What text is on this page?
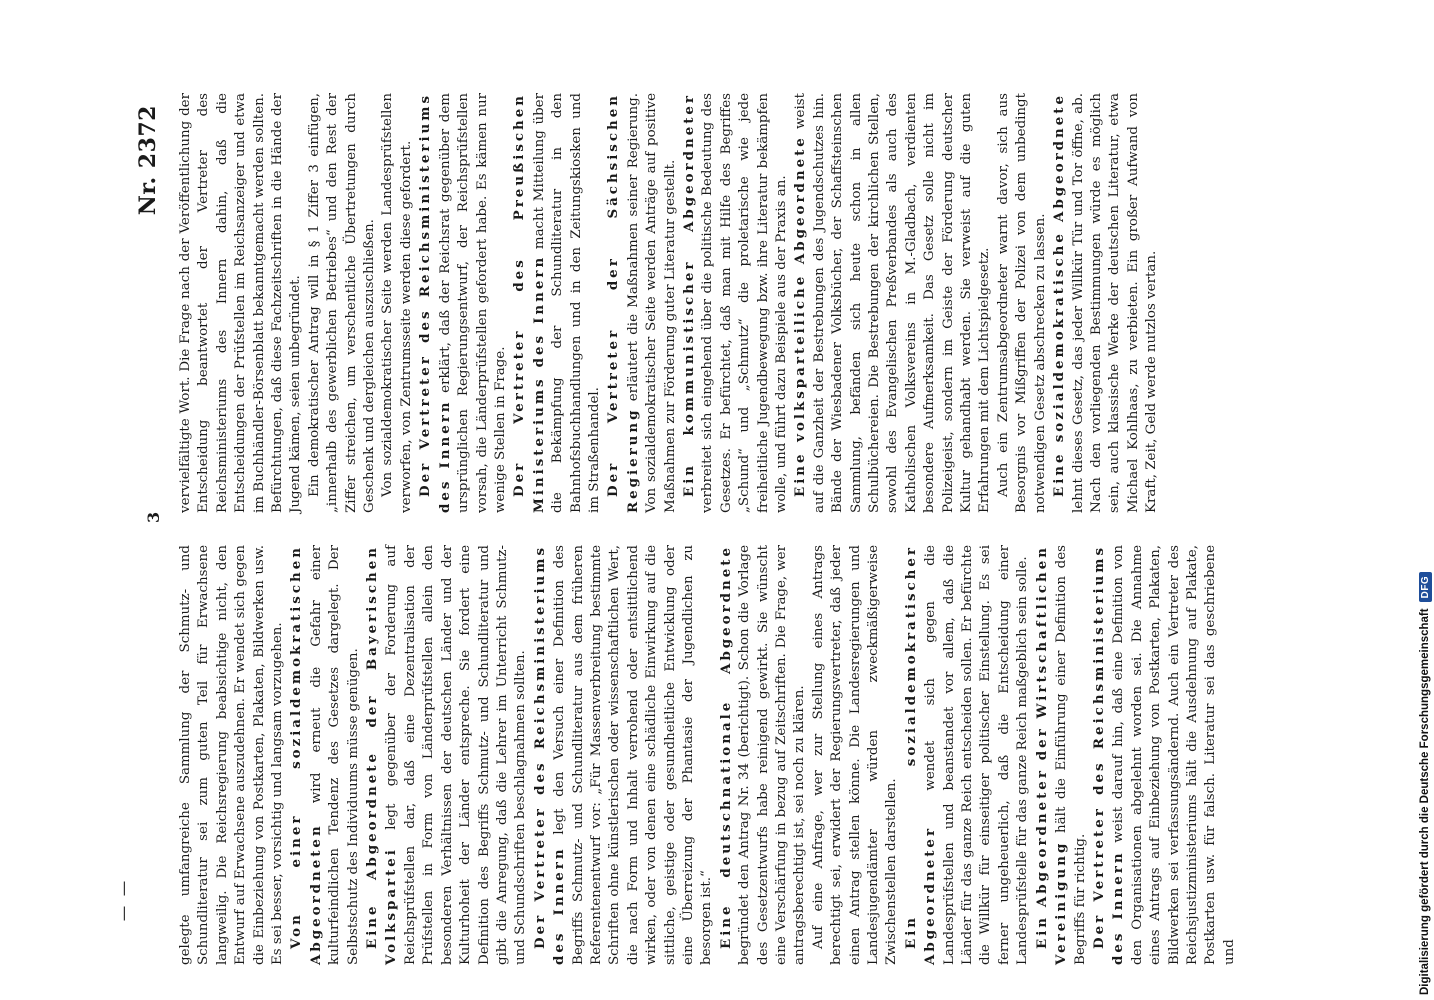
3
Nr. 2372

gelegte umfangreiche Sammlung der Schmutz- und Schundliteratur sei zum guten Teil für Erwachsene langweilig. Die Reichsregierung beabsichtige nicht, den Entwurf auf Erwachsene auszudehnen. Er wendet sich gegen die Einbeziehung von Postkarten, Plakaten, Bildwerken usw. Es sei besser, vorsichtig und langsam vorzugehen. Von einer sozialdemokratischen Abgeordneten wird erneut die Gefahr einer kulturfeindlichen Tendenz des Gesetzes dargelegt. Der Selbstschutz des Individuums müsse genügen. Eine Abgeordnete der Bayerischen Volkspartei legt gegenüber der Forderung auf Reichsprüfstellen dar, daß eine Dezentralisation der Prüfstellen in Form von Länderprüfstellen allein den besonderen Verhältnissen der deutschen Länder und der Kulturhoheit der Länder entspreche. Sie fordert eine Definition des Begriffs Schmutz- und Schundliteratur und gibt die Anregung, daß die Lehrer im Unterricht Schmutz- und Schundschriften beschlagnahmen sollten. Der Vertreter des Reichsministeriums des Innern legt den Versuch einer Definition des Begriffs Schmutz- und Schundliteratur aus dem früheren Referentenentwurf vor: „Für Massenverbreitung bestimmte Schriften ohne künstlerischen oder wissenschaftlichen Wert, die nach Form und Inhalt verrohend oder entsittlichend wirken, oder von denen eine schädliche Einwirkung auf die sittliche, geistige oder gesundheitliche Entwicklung oder eine Überreizung der Phantasie der Jugendlichen zu besorgen ist.“ Eine deutschnationale Abgeordnete begründet den Antrag Nr. 34 (berichtigt). Schon die Vorlage des Gesetzentwurfs habe reinigend gewirkt. Sie wünscht eine Verschärfung in bezug auf Zeitschriften. Die Frage, wer antragsberechtigt ist, sei noch zu klären. Auf eine Anfrage, wer zur Stellung eines Antrags berechtigt sei, erwidert der Regierungsvertreter, daß jeder einen Antrag stellen könne. Die Landesregierungen und Landesjugendämter würden zweckmäßigerweise Zwischenstellen darstellen. Ein sozialdemokratischer Abgeordneter wendet sich gegen die Landesprüfstellen und beanstandet vor allem, daß die Länder für das ganze Reich entscheiden sollen. Er befürchte die Willkür für einseitiger politischer Einstellung. Es sei ferner ungeheuerlich, daß die Entscheidung einer Landesprüfstelle für das ganze Reich maßgeblich sein solle. Ein Abgeordneter der Wirtschaftlichen Vereinigung hält die Einführung einer Definition des Begriffs für richtig. Der Vertreter des Reichsministeriums des Innern weist darauf hin, daß eine Definition von den Organisationen abgelehnt worden sei. Die Annahme eines Antrags auf Einbeziehung von Postkarten, Plakaten, Bildwerken sei verfassungsändernd. Auch ein Vertreter des Reichsjustizministeriums hält die Ausdehnung auf Plakate, Postkarten usw. für falsch. Literatur sei das geschriebene und

vervielfältigte Wort. Die Frage nach der Veröffentlichung der Entscheidung beantwortet der Vertreter des Reichsministeriums des Innern dahin, daß die Entscheidungen der Prüfstellen im Reichsanzeiger und etwa im Buchhändler-Börsenblatt bekanntgemacht werden sollten. Befürchtungen, daß diese Fachzeitschriften in die Hände der Jugend kämen, seien unbegründet. Ein demokratischer Antrag will in § 1 Ziffer 3 einfügen, „innerhalb des gewerblichen Betriebes“ und den Rest der Ziffer streichen, um verschentliche Übertretungen durch Geschenk und dergleichen auszuschließen. Von sozialdemokratischer Seite werden Landesprüfstellen verworfen, von Zentrumsseite werden diese gefordert. Der Vertreter des Reichsministeriums des Innern erklärt, daß der Reichsrat gegenüber dem ursprünglichen Regierungsentwurf, der Reichsprüfstellen vorsah, die Länderprüfstellen gefordert habe. Es kämen nur wenige Stellen in Frage. Der Vertreter des Preußischen Ministeriums des Innern macht Mitteilung über die Bekämpfung der Schundliteratur in den Bahnhofsbuchhandlungen und in den Zeitungskiosken und im Straßenhandel. Der Vertreter der Sächsischen Regierung erläutert die Maßnahmen seiner Regierung. Von sozialdemokratischer Seite werden Anträge auf positive Maßnahmen zur Förderung guter Literatur gestellt. Ein kommunistischer Abgeordneter verbreitet sich eingehend über die politische Bedeutung des Gesetzes. Er befürchtet, daß man mit Hilfe des Begriffes „Schund“ und „Schmutz“ die proletarische wie jede freiheitliche Jugendbewegung bzw. ihre Literatur bekämpfen wolle, und führt dazu Beispiele aus der Praxis an. Eine volksparteiliche Abgeordnete weist auf die Ganzheit der Bestrebungen des Jugendschutzes hin. Bände der Wiesbadener Volksbücher, der Schaffsteinschen Sammlung, befänden sich heute schon in allen Schulbüchereien. Die Bestrebungen der kirchlichen Stellen, sowohl des Evangelischen Preßverbandes als auch des Katholischen Volksvereins in M.-Gladbach, verdienten besondere Aufmerksamkeit. Das Gesetz solle nicht im Polizeigeist, sondern im Geiste der Förderung deutscher Kultur gehandhabt werden. Sie verweist auf die guten Erfahrungen mit dem Lichtspielgesetz. Auch ein Zentrumsabgeordneter warnt davor, sich aus Besorgnis vor Mißgriffen der Polizei von dem unbedingt notwendigen Gesetz abschrecken zu lassen. Eine sozialdemokratische Abgeordnete lehnt dieses Gesetz, das jeder Willkür Tür und Tor öffne, ab. Nach den vorliegenden Bestimmungen würde es möglich sein, auch klassische Werke der deutschen Literatur, etwa Michael Kohlhaas, zu verbieten. Ein großer Aufwand von Kraft, Zeit, Geld werde nutzlos vertan.

|
|	Digitalisierung gefördert durch die Deutsche Forschungsgemeinschaft
DFG
